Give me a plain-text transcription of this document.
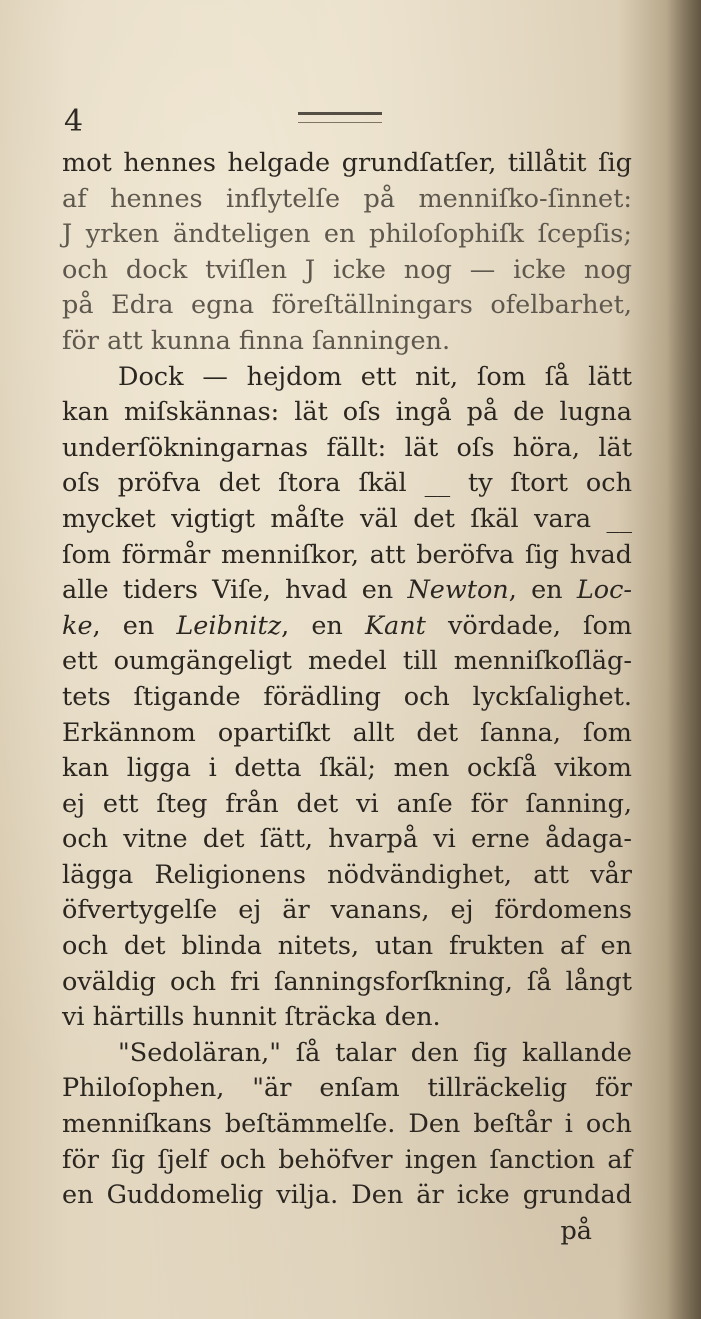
4
mot hennes helgade grundſatſer, tillåtit ſig
af hennes inflytelſe på menniſko-ſinnet:
J yrken ändteligen en philoſophiſk ſcepſis;
och dock tviſlen J icke nog — icke nog
på Edra egna föreſtällningars ofelbarhet,
för att kunna finna ſanningen.
Dock — hejdom ett nit, ſom ſå lätt
kan miſskännas: lät oſs ingå på de lugna
underſökningarnas fällt: lät oſs höra, lät
oſs pröfva det ſtora ſkäl __ ty ſtort och
mycket vigtigt måſte väl det ſkäl vara __
ſom förmår menniſkor, att beröfva ſig hvad
alle tiders Viſe, hvad en Newton, en Loc-
ke, en Leibnitz, en Kant vördade, ſom
ett oumgängeligt medel till menniſkoſläg-
tets ſtigande förädling och lyckſalighet.
Erkännom opartiſkt allt det ſanna, ſom
kan ligga i detta ſkäl; men ockſå vikom
ej ett ſteg från det vi anſe för ſanning,
och vitne det ſätt, hvarpå vi erne ådaga-
lägga Religionens nödvändighet, att vår
öfvertygelſe ej är vanans, ej fördomens
och det blinda nitets, utan frukten af en
oväldig och fri ſanningsforſkning, ſå långt
vi härtills hunnit ſträcka den.
"Sedoläran," ſå talar den ſig kallande
Philoſophen, "är enſam tillräckelig för
menniſkans beſtämmelſe. Den beſtår i och
för ſig ſjelf och behöfver ingen ſanction af
en Guddomelig vilja. Den är icke grundad
på
